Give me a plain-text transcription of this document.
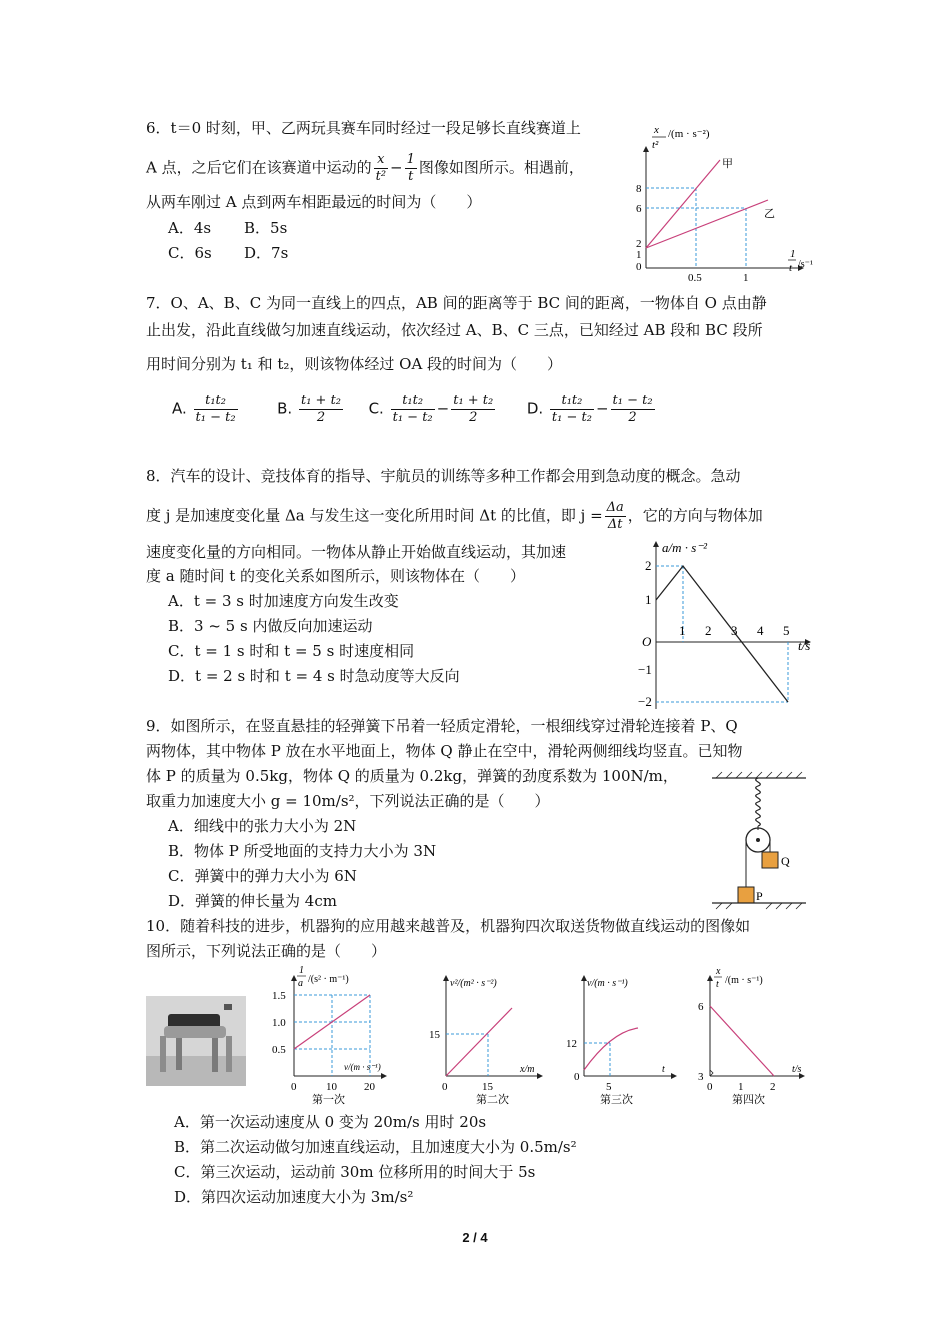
6．t＝0 时刻，甲、乙两玩具赛车同时经过一段足够长直线赛道上
A 点，之后它们在该赛道中运动的 $\frac{x}{\text{t²}} - \frac{1}{t}$ 图像如图所示。相遇前，
从两车刚过 A 点到两车相距最远的时间为（　　）
A．4s B．5s
C．6s D．7s
x
t²
/(m · s⁻²)
8
6
2
1
0
0.5	1
1
t /s⁻¹
甲
乙
7．O、A、B、C 为同一直线上的四点，AB 间的距离等于 BC 间的距离，一物体自 O 点由静
止出发，沿此直线做匀加速直线运动，依次经过 A、B、C 三点，已知经过 AB 段和 BC 段所
用时间分别为 t₁ 和 t₂，则该物体经过 OA 段的时间为（　　）
A. $\frac{\text{t₁t₂}}{\text{t₁ − t₂}}$	B. $\frac{\text{t₁ + t₂}}{2} C$. $\frac{\text{t₁t₂}}{\text{t₁ − t₂}} - \frac{\text{t₁ + t₂}}{2} D$. $\frac{\text{t₁t₂}}{\text{t₁ − t₂}} - \frac{\text{t₁ − t₂}}{2}$
8．汽车的设计、竞技体育的指导、宇航员的训练等多种工作都会用到急动度的概念。急动
度 j 是加速度变化量 Δa 与发生这一变化所用时间 Δt 的比值，即 $j = \frac{\Delta a}{\Delta t}$ ，它的方向与物体加
速度变化量的方向相同。一物体从静止开始做直线运动，其加速
度 a 随时间 t 的变化关系如图所示，则该物体在（　　）
A．t = 3 s 时加速度方向发生改变
B．3 ~ 5 s 内做反向加速运动
C．t = 1 s 时和 t = 5 s 时速度相同
D．t = 2 s 时和 t = 4 s 时急动度等大反向
a/m · s⁻²
t/s
O
2
1
−1
−2
1 2 3 4 5
9．如图所示，在竖直悬挂的轻弹簧下吊着一轻质定滑轮，一根细线穿过滑轮连接着 P、Q
两物体，其中物体 P 放在水平地面上，物体 Q 静止在空中，滑轮两侧细线均竖直。已知物
体 P 的质量为 0.5kg，物体 Q 的质量为 0.2kg，弹簧的劲度系数为 100N/m，
取重力加速度大小 g = 10m/s²，下列说法正确的是（　　）
A．细线中的张力大小为 2N
B．物体 P 所受地面的支持力大小为 3N
C．弹簧中的弹力大小为 6N
D．弹簧的伸长量为 4cm
Q
P
10．随着科技的进步，机器狗的应用越来越普及，机器狗四次取送货物做直线运动的图像如
图所示，下列说法正确的是（　　）
1
a /(s² · m⁻¹)
1.5
1.0
0.5
0	10 20
v/(m · s⁻¹)
第一次
v²/(m² · s⁻²)
15
0	15
x/m
第二次
v/(m · s⁻¹)
12
0
5
t
第三次
x
t /(m · s⁻¹)
6
3
0 1 2
t/s
第四次
A．第一次运动速度从 0 变为 20m/s 用时 20s
B．第二次运动做匀加速直线运动，且加速度大小为 0.5m/s²
C．第三次运动，运动前 30m 位移所用的时间大于 5s
D．第四次运动加速度大小为 3m/s²
2 / 4
